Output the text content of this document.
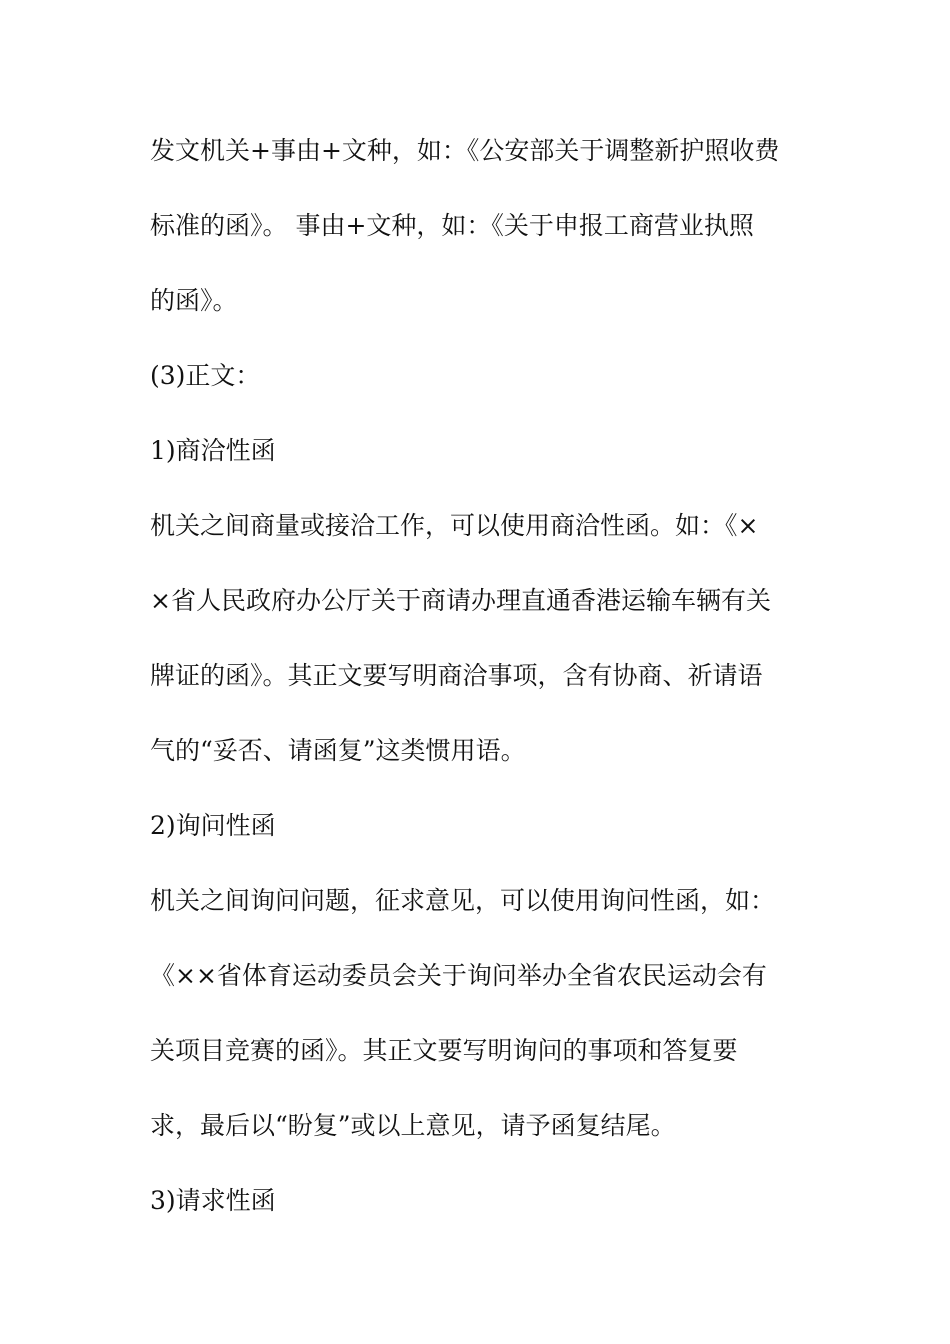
发文机关+事由+文种，如：《公安部关于调整新护照收费
标准的函》。 事由+文种，如：《关于申报工商营业执照
的函》。
(3)正文：
1)商洽性函
机关之间商量或接洽工作，可以使用商洽性函。如：《×
×省人民政府办公厅关于商请办理直通香港运输车辆有关
牌证的函》。其正文要写明商洽事项，含有协商、祈请语
气的“妥否、请函复”这类惯用语。
2)询问性函
机关之间询问问题，征求意见，可以使用询问性函，如：
《××省体育运动委员会关于询问举办全省农民运动会有
关项目竞赛的函》。其正文要写明询问的事项和答复要
求，最后以“盼复”或以上意见，请予函复结尾。
3)请求性函
